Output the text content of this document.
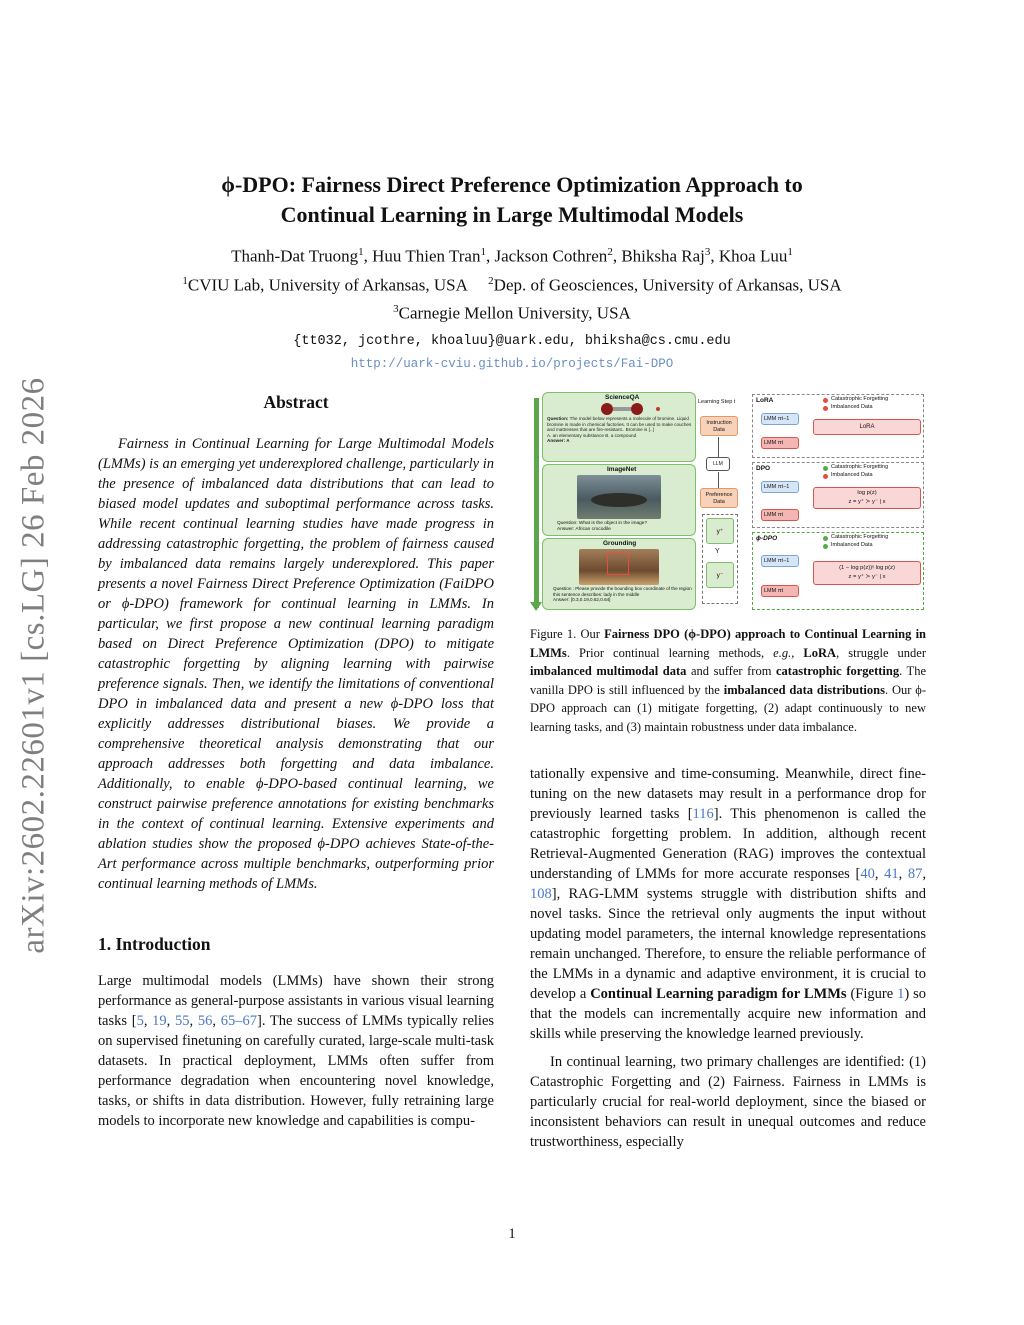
arXiv:2602.22601v1 [cs.LG] 26 Feb 2026
ϕ-DPO: Fairness Direct Preference Optimization Approach to
Continual Learning in Large Multimodal Models
Thanh-Dat Truong$^1$, Huu Thien Tran$^1$, Jackson Cothren$^2$, Bhiksha Raj$^3$, Khoa Luu$^1$
$^1$CVIU Lab, University of Arkansas, USA $^2$Dep. of Geosciences, University of Arkansas, USA
$^3$Carnegie Mellon University, USA
{tt032, jcothre, khoaluu}@uark.edu, bhiksha@cs.cmu.edu
http://uark-cviu.github.io/projects/Fai-DPO
Abstract
Fairness in Continual Learning for Large Multimodal Models (LMMs) is an emerging yet underexplored challenge, particularly in the presence of imbalanced data distributions that can lead to biased model updates and suboptimal performance across tasks. While recent continual learning studies have made progress in addressing catastrophic forgetting, the problem of fairness caused by imbalanced data remains largely underexplored. This paper presents a novel Fairness Direct Preference Optimization (FaiDPO or ϕ-DPO) framework for continual learning in LMMs. In particular, we first propose a new continual learning paradigm based on Direct Preference Optimization (DPO) to mitigate catastrophic forgetting by aligning learning with pairwise preference signals. Then, we identify the limitations of conventional DPO in imbalanced data and present a new ϕ-DPO loss that explicitly addresses distributional biases. We provide a comprehensive theoretical analysis demonstrating that our approach addresses both forgetting and data imbalance. Additionally, to enable ϕ-DPO-based continual learning, we construct pairwise preference annotations for existing benchmarks in the context of continual learning. Extensive experiments and ablation studies show the proposed ϕ-DPO achieves State-of-the-Art performance across multiple benchmarks, outperforming prior continual learning methods of LMMs.
1. Introduction
Large multimodal models (LMMs) have shown their strong performance as general-purpose assistants in various visual learning tasks [5, 19, 55, 56, 65–67]. The success of LMMs typically relies on supervised finetuning on carefully curated, large-scale multi-task datasets. In practical deployment, LMMs often suffer from performance degradation when encountering novel knowledge, tasks, or shifts in data distribution. However, fully retraining large models to incorporate new knowledge and capabilities is compu-
Time
ScienceQA
Question: The model below represents a molecule of bromine. Liquid bromine is made in chemical factories. It can be used to make couches and mattresses that are fire-resistant.. Bromine is [..]
A. an elementary substance B. a compound
Answer: A
ImageNet
Question: What is the object in the image?
Answer: African crocodile
Grounding
Question : Please provide the bounding box coordinate of the region this sentence describes: lady in the middle
Answer: [0.3,0.19,0.62,0.64]
Learning Step t
Instruction Data
LLM
Preference Data
y⁺
Y
y⁻
LoRA	Catastrophic Forgetting
Imbalanced Data
LMM πt−1
LoRA
LMM πt
DPO	Catastrophic Forgetting
Imbalanced Data
LMM πt−1
log p(z)
z = y⁺ ≻ y⁻ | x
LMM πt
ϕ-DPO	Catastrophic Forgetting
Imbalanced Data
LMM πt−1
(1 − log p(z))ᵞ log p(z)
z = y⁺ ≻ y⁻ | x
LMM πt
Figure 1. Our Fairness DPO (ϕ-DPO) approach to Continual Learning in LMMs. Prior continual learning methods, e.g., LoRA, struggle under imbalanced multimodal data and suffer from catastrophic forgetting. The vanilla DPO is still influenced by the imbalanced data distributions. Our ϕ-DPO approach can (1) mitigate forgetting, (2) adapt continuously to new learning tasks, and (3) maintain robustness under data imbalance.
tationally expensive and time-consuming. Meanwhile, direct fine-tuning on the new datasets may result in a performance drop for previously learned tasks [116]. This phenomenon is called the catastrophic forgetting problem. In addition, although recent Retrieval-Augmented Generation (RAG) improves the contextual understanding of LMMs for more accurate responses [40, 41, 87, 108], RAG-LMM systems struggle with distribution shifts and novel tasks. Since the retrieval only augments the input without updating model parameters, the internal knowledge representations remain unchanged. Therefore, to ensure the reliable performance of the LMMs in a dynamic and adaptive environment, it is crucial to develop a Continual Learning paradigm for LMMs (Figure 1) so that the models can incrementally acquire new information and skills while preserving the knowledge learned previously.
In continual learning, two primary challenges are identified: (1) Catastrophic Forgetting and (2) Fairness. Fairness in LMMs is particularly crucial for real-world deployment, since the biased or inconsistent behaviors can result in unequal outcomes and reduce trustworthiness, especially
1
